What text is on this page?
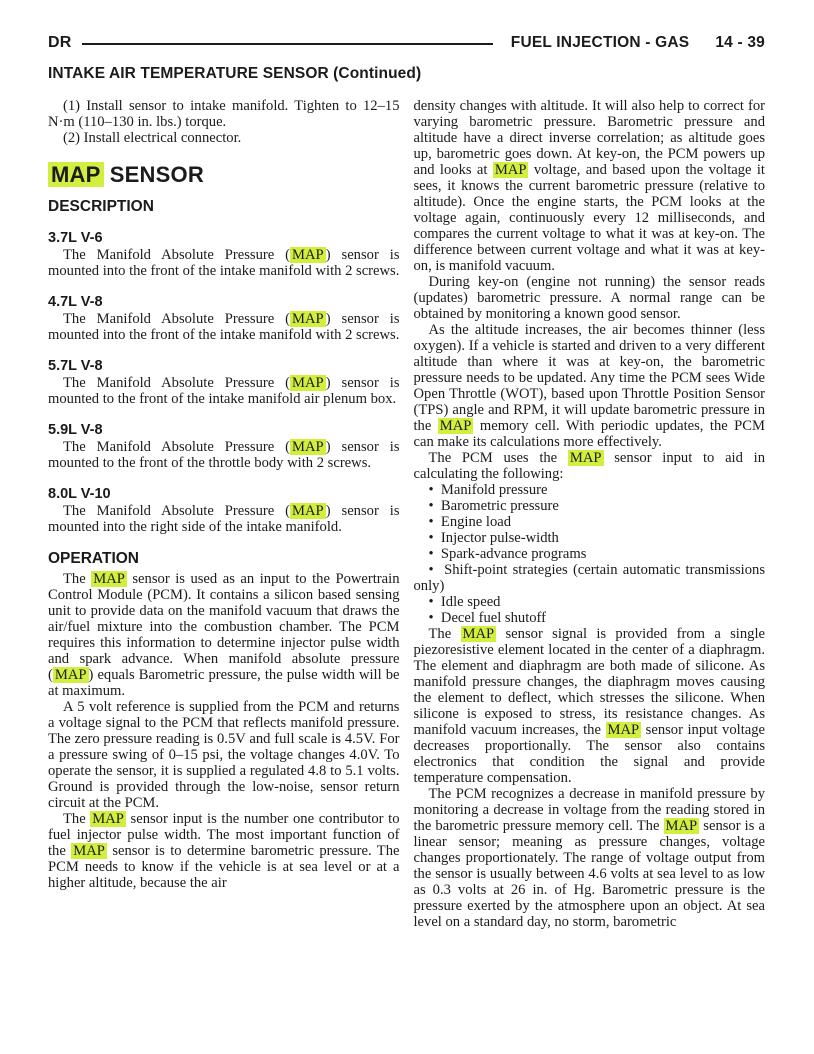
DR	FUEL INJECTION - GAS 14 - 39
INTAKE AIR TEMPERATURE SENSOR (Continued)
(1) Install sensor to intake manifold. Tighten to 12–15 N·m (110–130 in. lbs.) torque.
(2) Install electrical connector.
MAP SENSOR
DESCRIPTION
3.7L V-6
The Manifold Absolute Pressure ( MAP ) sensor is mounted into the front of the intake manifold with 2 screws.
4.7L V-8
The Manifold Absolute Pressure ( MAP ) sensor is mounted into the front of the intake manifold with 2 screws.
5.7L V-8
The Manifold Absolute Pressure ( MAP ) sensor is mounted to the front of the intake manifold air plenum box.
5.9L V-8
The Manifold Absolute Pressure ( MAP ) sensor is mounted to the front of the throttle body with 2 screws.
8.0L V-10
The Manifold Absolute Pressure ( MAP ) sensor is mounted into the right side of the intake manifold.
OPERATION
The MAP sensor is used as an input to the Powertrain Control Module (PCM). It contains a silicon based sensing unit to provide data on the manifold vacuum that draws the air/fuel mixture into the combustion chamber. The PCM requires this information to determine injector pulse width and spark advance. When manifold absolute pressure ( MAP ) equals Barometric pressure, the pulse width will be at maximum.
A 5 volt reference is supplied from the PCM and returns a voltage signal to the PCM that reflects manifold pressure. The zero pressure reading is 0.5V and full scale is 4.5V. For a pressure swing of 0–15 psi, the voltage changes 4.0V. To operate the sensor, it is supplied a regulated 4.8 to 5.1 volts. Ground is provided through the low-noise, sensor return circuit at the PCM.
The MAP sensor input is the number one contributor to fuel injector pulse width. The most important function of the MAP sensor is to determine barometric pressure. The PCM needs to know if the vehicle is at sea level or at a higher altitude, because the air
density changes with altitude. It will also help to correct for varying barometric pressure. Barometric pressure and altitude have a direct inverse correlation; as altitude goes up, barometric goes down. At key-on, the PCM powers up and looks at MAP voltage, and based upon the voltage it sees, it knows the current barometric pressure (relative to altitude). Once the engine starts, the PCM looks at the voltage again, continuously every 12 milliseconds, and compares the current voltage to what it was at key-on. The difference between current voltage and what it was at key-on, is manifold vacuum.
During key-on (engine not running) the sensor reads (updates) barometric pressure. A normal range can be obtained by monitoring a known good sensor.
As the altitude increases, the air becomes thinner (less oxygen). If a vehicle is started and driven to a very different altitude than where it was at key-on, the barometric pressure needs to be updated. Any time the PCM sees Wide Open Throttle (WOT), based upon Throttle Position Sensor (TPS) angle and RPM, it will update barometric pressure in the MAP memory cell. With periodic updates, the PCM can make its calculations more effectively.
The PCM uses the MAP sensor input to aid in calculating the following:
•  Manifold pressure
•  Barometric pressure
•  Engine load
•  Injector pulse-width
•  Spark-advance programs
•  Shift-point strategies (certain automatic transmissions only)
•  Idle speed
•  Decel fuel shutoff
The MAP sensor signal is provided from a single piezoresistive element located in the center of a diaphragm. The element and diaphragm are both made of silicone. As manifold pressure changes, the diaphragm moves causing the element to deflect, which stresses the silicone. When silicone is exposed to stress, its resistance changes. As manifold vacuum increases, the MAP sensor input voltage decreases proportionally. The sensor also contains electronics that condition the signal and provide temperature compensation.
The PCM recognizes a decrease in manifold pressure by monitoring a decrease in voltage from the reading stored in the barometric pressure memory cell. The MAP sensor is a linear sensor; meaning as pressure changes, voltage changes proportionately. The range of voltage output from the sensor is usually between 4.6 volts at sea level to as low as 0.3 volts at 26 in. of Hg. Barometric pressure is the pressure exerted by the atmosphere upon an object. At sea level on a standard day, no storm, barometric
